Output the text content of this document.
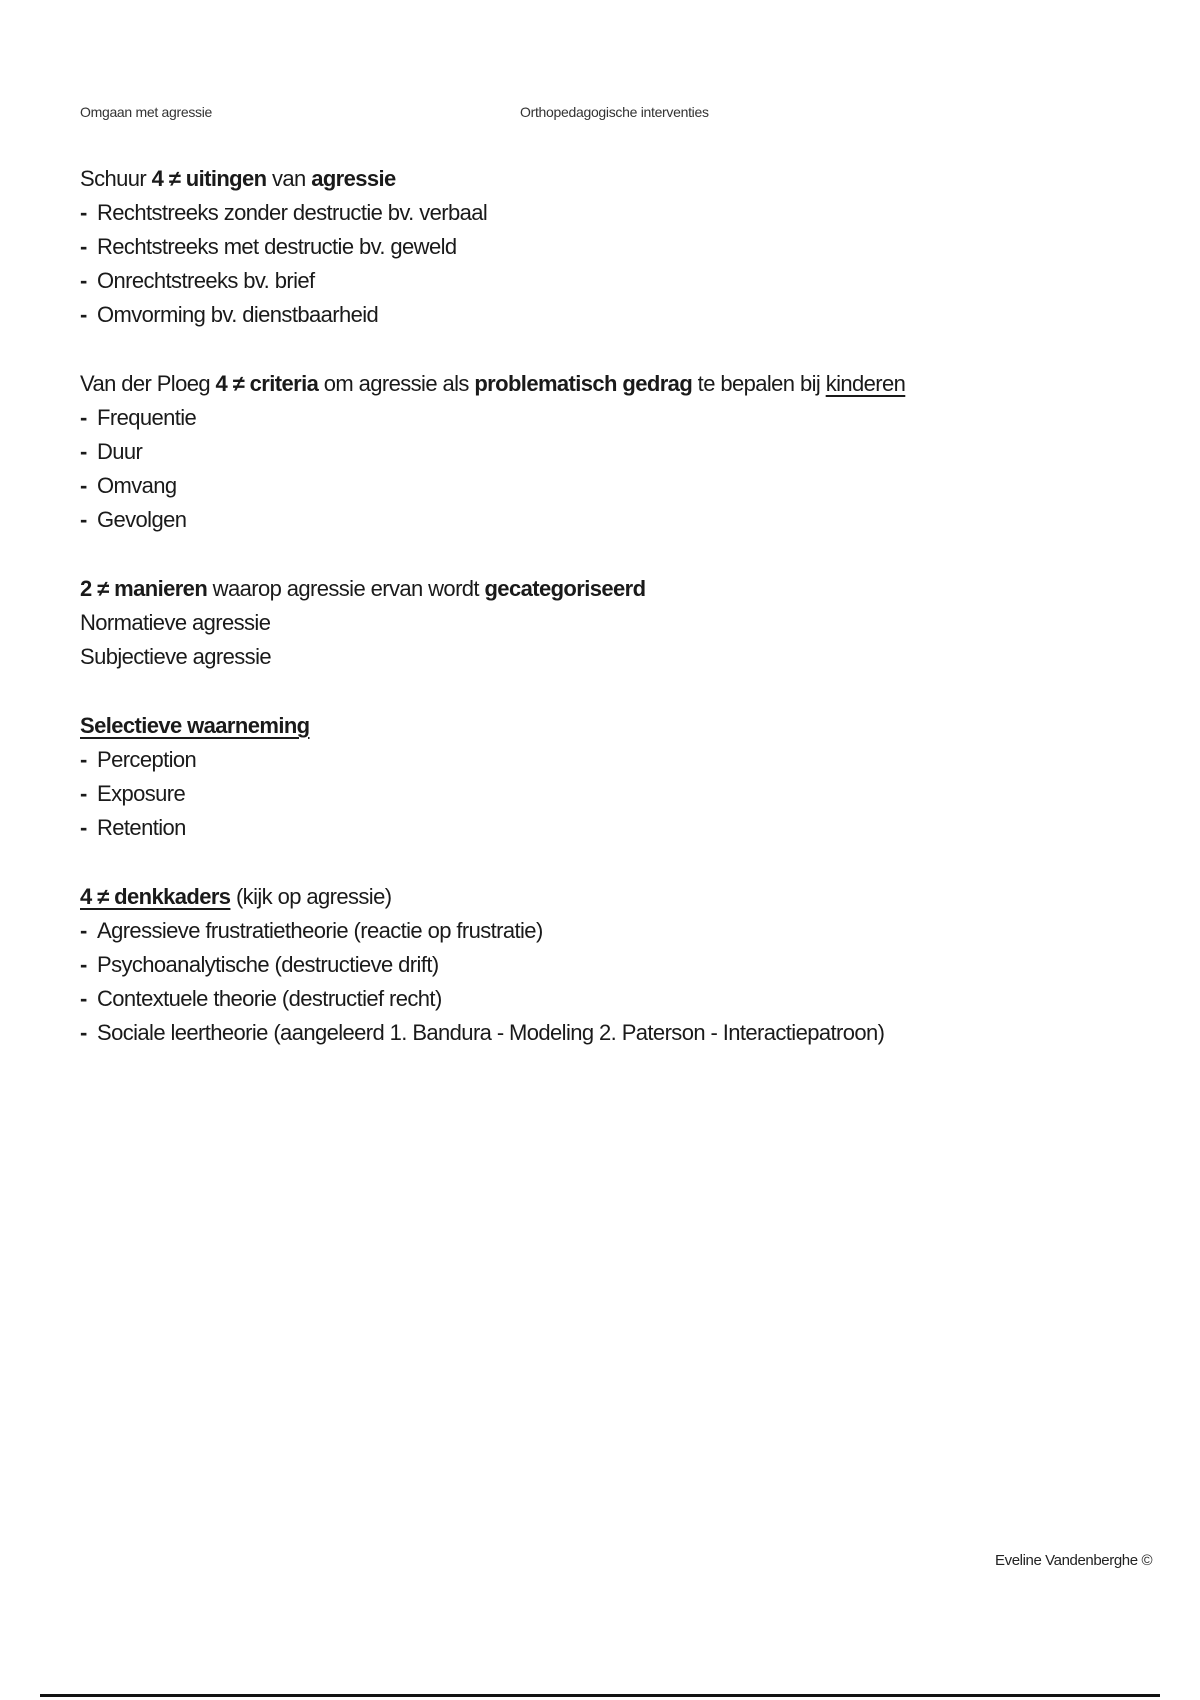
Omgaan met agressie	Orthopedagogische interventies

Schuur 4 ≠ uitingen van agressie

- Rechtstreeks zonder destructie bv. verbaal
- Rechtstreeks met destructie bv. geweld
- Onrechtstreeks bv. brief
- Omvorming bv. dienstbaarheid

Van der Ploeg 4 ≠ criteria om agressie als problematisch gedrag te bepalen bij kinderen

- Frequentie
- Duur
- Omvang
- Gevolgen

2 ≠ manieren waarop agressie ervan wordt gecategoriseerd

Normatieve agressie

Subjectieve agressie

Selectieve waarneming

- Perception
- Exposure
- Retention

4 ≠ denkkaders (kijk op agressie)

- Agressieve frustratietheorie (reactie op frustratie)
- Psychoanalytische (destructieve drift)
- Contextuele theorie (destructief recht)
- Sociale leertheorie (aangeleerd 1. Bandura - Modeling 2. Paterson - Interactiepatroon)
Eveline Vandenberghe ©
